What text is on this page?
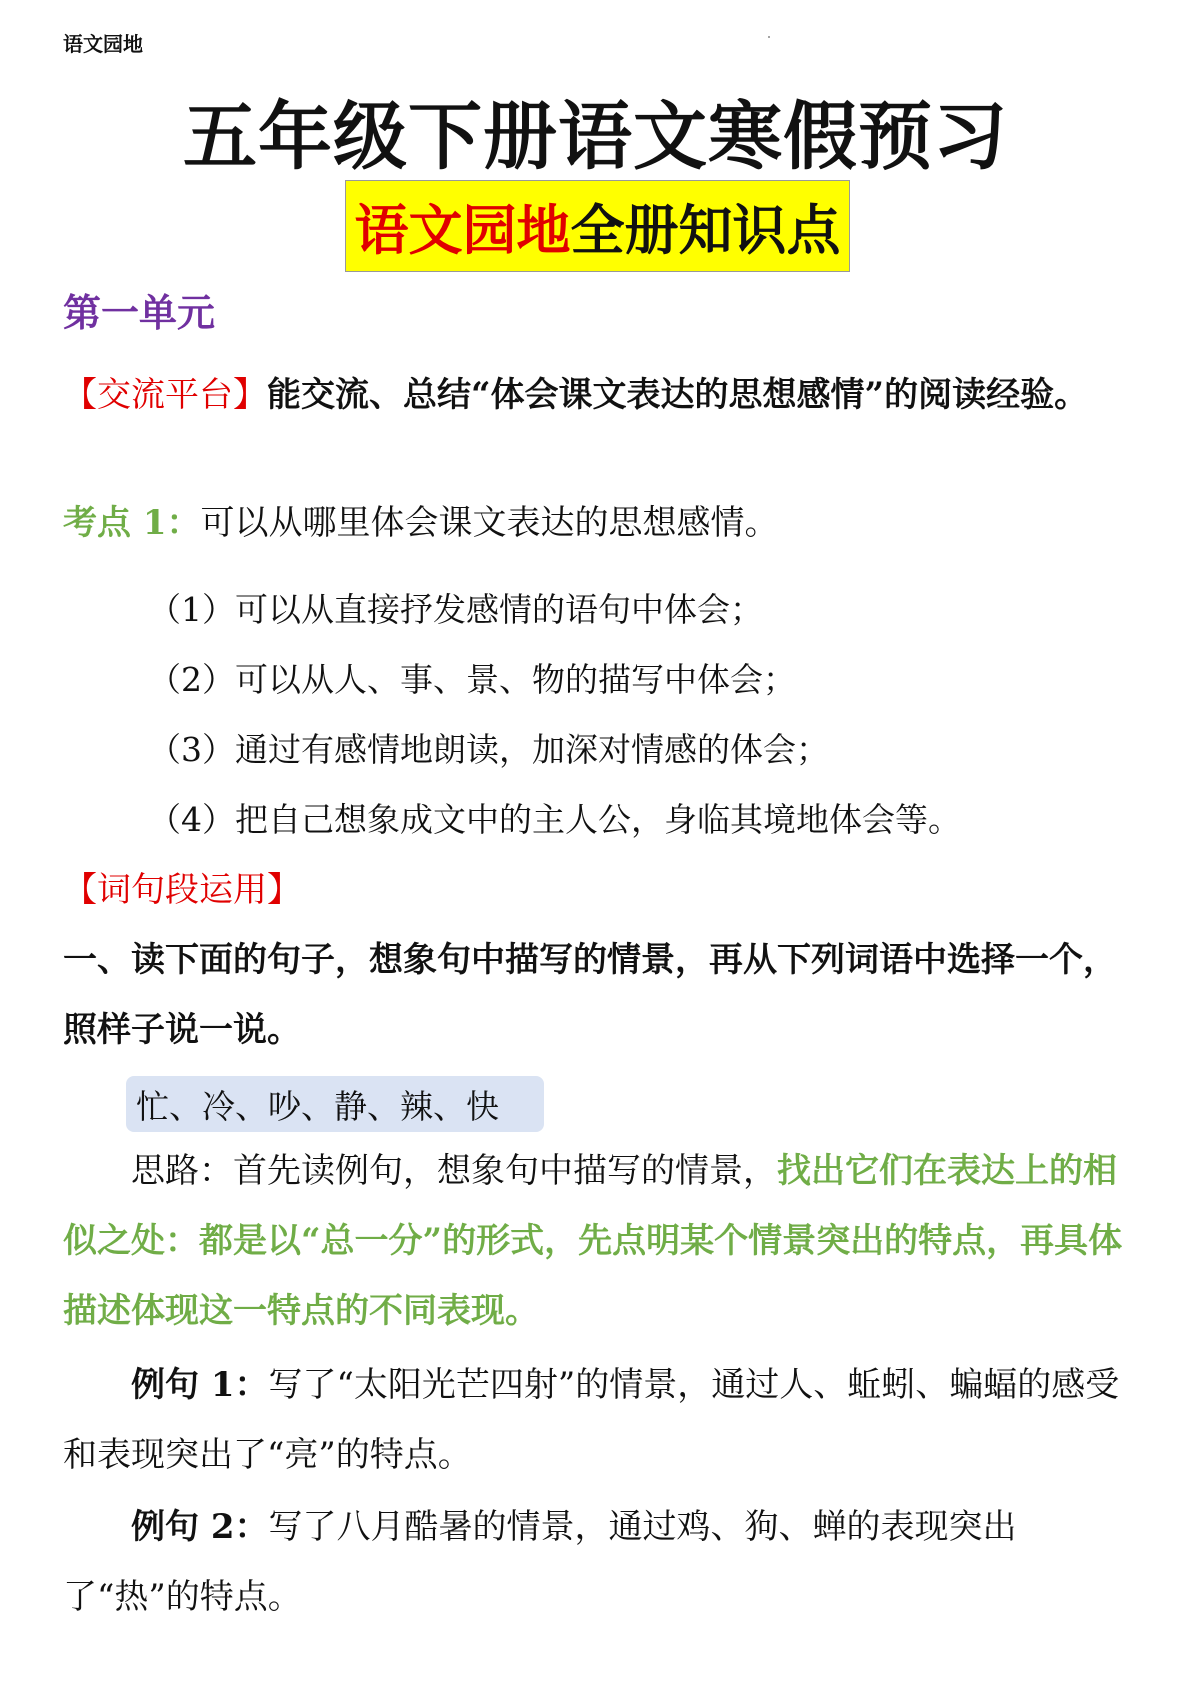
语文园地
五年级下册语文寒假预习
语文园地 全册知识点
第一单元
【交流平台】能交流、总结“体会课文表达的思想感情”的阅读经验。
考点 1：可以从哪里体会课文表达的思想感情。
（1）可以从直接抒发感情的语句中体会；
（2）可以从人、事、景、物的描写中体会；
（3）通过有感情地朗读，加深对情感的体会；
（4）把自己想象成文中的主人公，身临其境地体会等。
【词句段运用】
一、读下面的句子，想象句中描写的情景，再从下列词语中选择一个，照样子说一说。
忙、冷、吵、静、辣、快
思路：首先读例句，想象句中描写的情景，找出它们在表达上的相似之处：都是以“总一分”的形式，先点明某个情景突出的特点，再具体描述体现这一特点的不同表现。
例句 1：写了“太阳光芒四射”的情景，通过人、蚯蚓、蝙蝠的感受和表现突出了“亮”的特点。
例句 2：写了八月酷暑的情景，通过鸡、狗、蝉的表现突出了“热”的特点。
